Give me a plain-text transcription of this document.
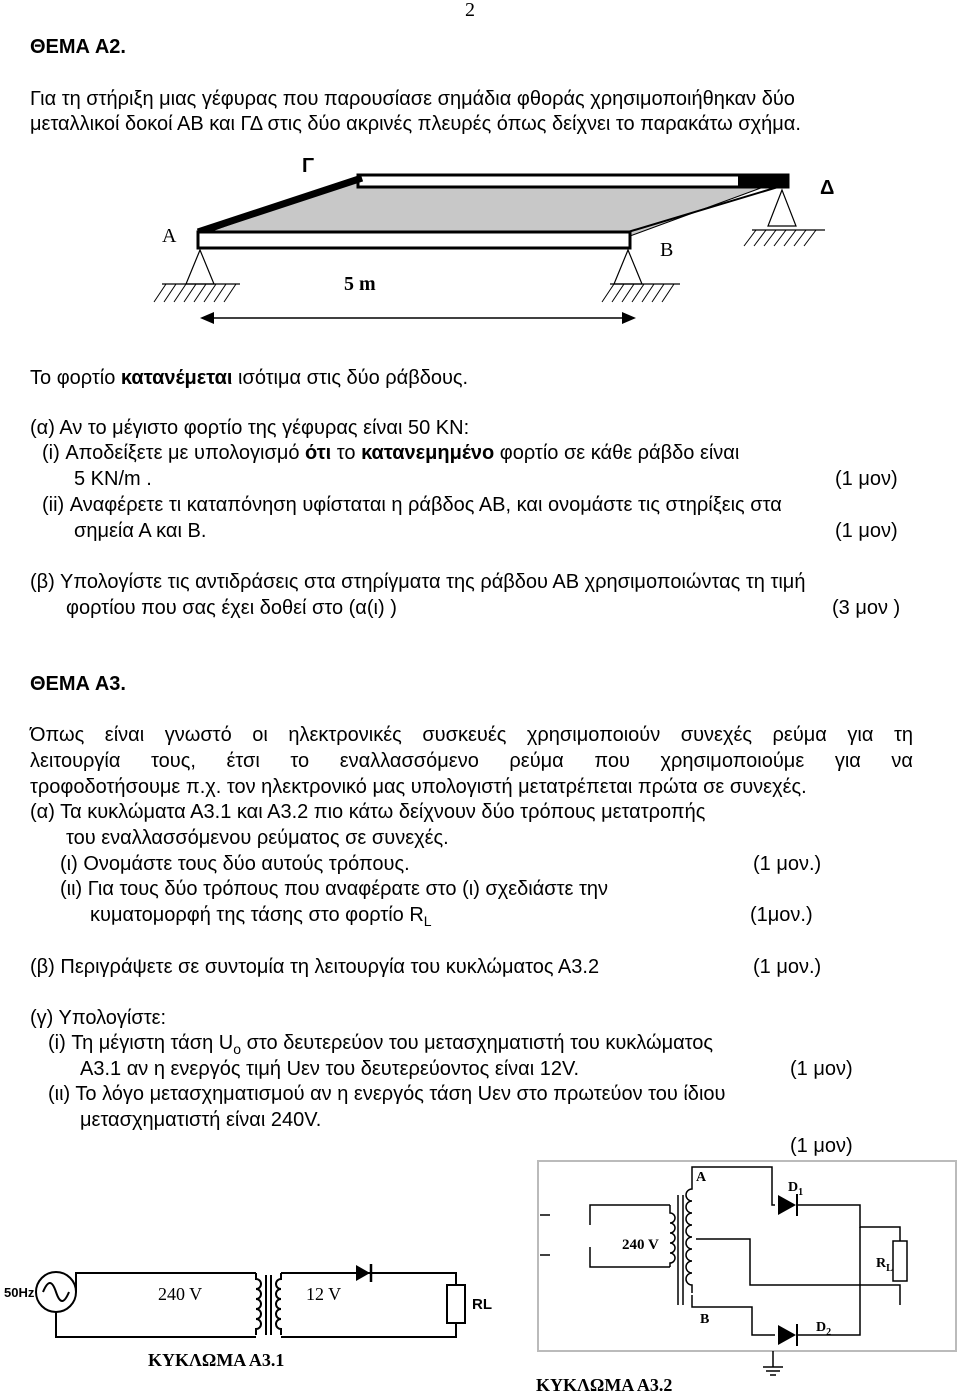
2
ΘΕΜΑ Α2.
Για τη στήριξη μιας γέφυρας που παρουσίασε σημάδια φθοράς χρησιμοποιήθηκαν δύο
μεταλλικοί δοκοί ΑΒ και ΓΔ στις δύο ακρινές πλευρές όπως δείχνει το παρακάτω σχήμα.
Α
Β
Γ
Δ
5 m
Το φορτίο κατανέμεται ισότιμα στις δύο ράβδους.
(α) Αν το μέγιστο φορτίο της γέφυρας είναι 50 ΚΝ:
(i) Αποδείξετε με υπολογισμό ότι το κατανεμημένο φορτίο σε κάθε ράβδο είναι
5 KN/m .	(1 μον)
(ii) Αναφέρετε τι καταπόνηση υφίσταται η ράβδος ΑΒ, και ονομάστε τις στηρίξεις στα
σημεία Α και Β.	(1 μον)
(β) Υπολογίστε τις αντιδράσεις στα στηρίγματα της ράβδου ΑΒ χρησιμοποιώντας τη τιμή
φορτίου που σας έχει δοθεί στο (α(ι) )	(3 μον )
ΘΕΜΑ Α3.
Όπως είναι γνωστό οι ηλεκτρονικές συσκευές χρησιμοποιούν συνεχές ρεύμα για τη
λειτουργία τους, έτσι το εναλλασσόμενο ρεύμα που χρησιμοποιούμε για να
τροφοδοτήσουμε π.χ. τον ηλεκτρονικό μας υπολογιστή μετατρέπεται πρώτα σε συνεχές.
(α) Τα κυκλώματα Α3.1 και Α3.2 πιο κάτω δείχνουν δύο τρόπους μετατροπής
του εναλλασσόμενου ρεύματος σε συνεχές.
(ι) Ονομάστε τους δύο αυτούς τρόπους.	(1 μον.)
(ιι) Για τους δύο τρόπους που αναφέρατε στο (ι) σχεδιάστε την
κυματομορφή της τάσης στο φορτίο $R_L$	(1μον.)
(β) Περιγράψετε σε συντομία τη λειτουργία του κυκλώματος Α3.2	(1 μον.)
(γ) Υπολογίστε:
(i) Τη μέγιστη τάση $U_o$ στο δευτερεύον του μετασχηματιστή του κυκλώματος
Α3.1 αν η ενεργός τιμή Uεν του δευτερεύοντος είναι 12V.	(1 μον)
(ιι) Το λόγο μετασχηματισμού αν η ενεργός τάση Uεν στο πρωτεύον του ίδιου
μετασχηματιστή είναι 240V.
(1 μον)
50Hz	240 V	12 V
RL
ΚΥΚΛΩΜΑ Α3.1
240 V
A
B
$D_1$
$D_2$
$R_L$
ΚΥΚΛΩΜΑ Α3.2
